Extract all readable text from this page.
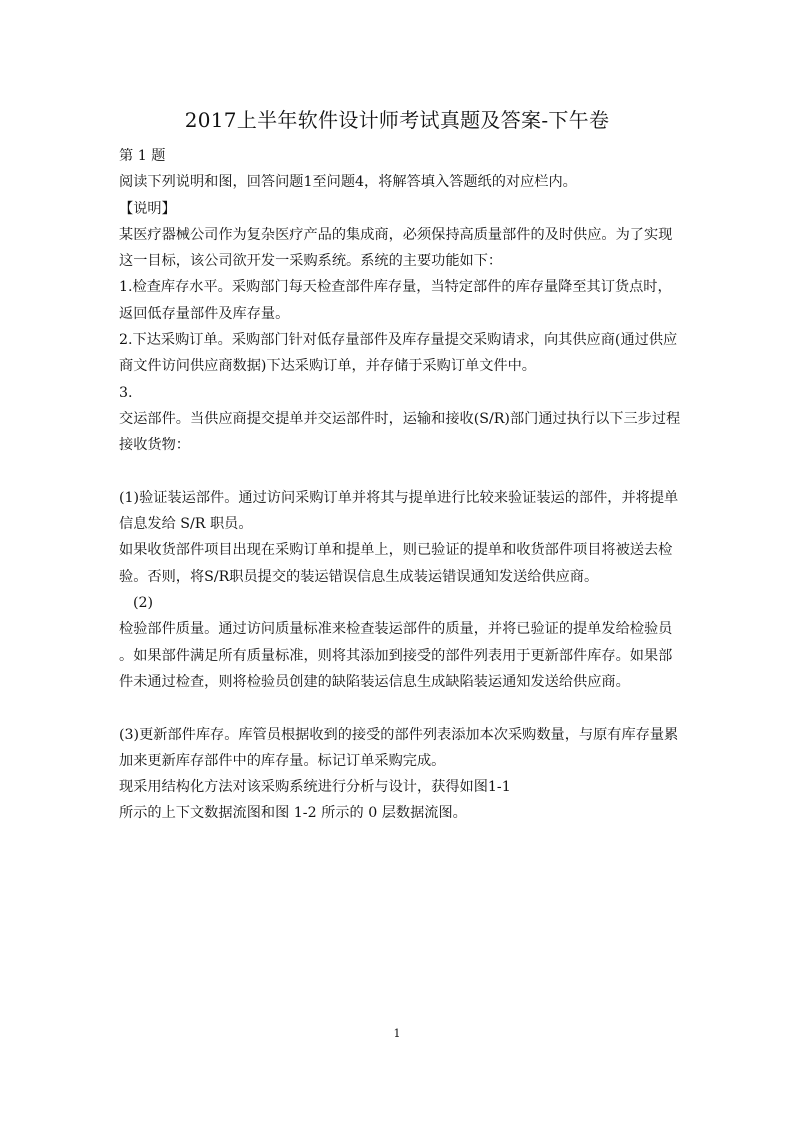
2017上半年软件设计师考试真题及答案-下午卷

第 1 题

阅读下列说明和图，回答问题1至问题4，将解答填入答题纸的对应栏内。

【说明】

某医疗器械公司作为复杂医疗产品的集成商，必须保持高质量部件的及时供应。为了实现

这一目标，该公司欲开发一采购系统。系统的主要功能如下：

1.检查库存水平。采购部门每天检查部件库存量，当特定部件的库存量降至其订货点时，

返回低存量部件及库存量。

2.下达采购订单。采购部门针对低存量部件及库存量提交采购请求，向其供应商(通过供应

商文件访问供应商数据)下达采购订单，并存储于采购订单文件中。

3.

交运部件。当供应商提交提单并交运部件时，运输和接收(S/R)部门通过执行以下三步过程

接收货物：

(1)验证装运部件。通过访问采购订单并将其与提单进行比较来验证装运的部件，并将提单

信息发给 S/R 职员。

如果收货部件项目出现在采购订单和提单上，则已验证的提单和收货部件项目将被送去检

验。否则，将S/R职员提交的装运错误信息生成装运错误通知发送给供应商。

(2)

检验部件质量。通过访问质量标准来检查装运部件的质量，并将已验证的提单发给检验员

。如果部件满足所有质量标准，则将其添加到接受的部件列表用于更新部件库存。如果部

件未通过检查，则将检验员创建的缺陷装运信息生成缺陷装运通知发送给供应商。

(3)更新部件库存。库管员根据收到的接受的部件列表添加本次采购数量，与原有库存量累

加来更新库存部件中的库存量。标记订单采购完成。

现采用结构化方法对该采购系统进行分析与设计，获得如图1-1

所示的上下文数据流图和图 1-2 所示的 0 层数据流图。

1
